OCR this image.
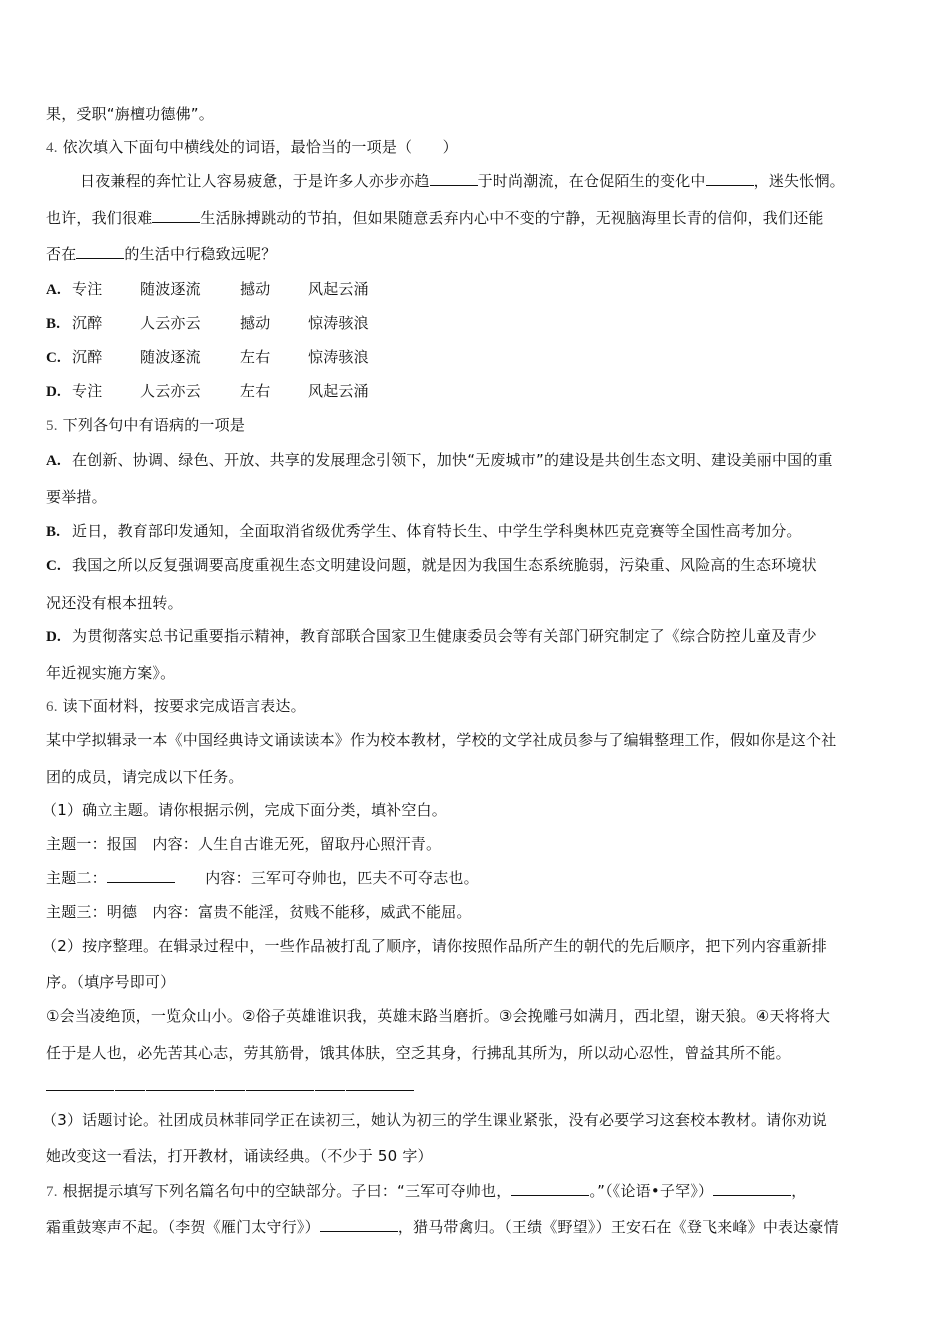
果，受职“旃檀功德佛”。
4. 依次填入下面句中横线处的词语，最恰当的一项是（　　）
日夜兼程的奔忙让人容易疲惫，于是许多人亦步亦趋	于时尚潮流，在仓促陌生的变化中	，迷失怅惘。
也许，我们很难	生活脉搏跳动的节拍，但如果随意丢弃内心中不变的宁静，无视脑海里长青的信仰，我们还能
否在	的生活中行稳致远呢？
A. 专注	随波逐流	撼动	风起云涌
B. 沉醉	人云亦云	撼动	惊涛骇浪
C. 沉醉	随波逐流	左右	惊涛骇浪
D. 专注	人云亦云	左右	风起云涌
5. 下列各句中有语病的一项是
A. 在创新、协调、绿色、开放、共享的发展理念引领下，加快“无废城市”的建设是共创生态文明、建设美丽中国的重
要举措。
B. 近日，教育部印发通知，全面取消省级优秀学生、体育特长生、中学生学科奥林匹克竞赛等全国性高考加分。
C. 我国之所以反复强调要高度重视生态文明建设问题，就是因为我国生态系统脆弱，污染重、风险高的生态环境状
况还没有根本扭转。
D. 为贯彻落实总书记重要指示精神，教育部联合国家卫生健康委员会等有关部门研究制定了《综合防控儿童及青少
年近视实施方案》。
6. 读下面材料，按要求完成语言表达。
某中学拟辑录一本《中国经典诗文诵读读本》作为校本教材，学校的文学社成员参与了编辑整理工作，假如你是这个社
团的成员，请完成以下任务。
（1）确立主题。请你根据示例，完成下面分类，填补空白。
主题一：报国　 内容：人生自古谁无死，留取丹心照汗青。
主题二：　　	内容：三军可夺帅也，匹夫不可夺志也。
主题三：明德　 内容：富贵不能淫，贫贱不能移，威武不能屈。
（2）按序整理。在辑录过程中，一些作品被打乱了顺序，请你按照作品所产生的朝代的先后顺序，把下列内容重新排
序。（填序号即可）
①会当凌绝顶，一览众山小。②俗子英雄谁识我，英雄末路当磨折。③会挽雕弓如满月，西北望，谢天狼。④天将将大
任于是人也，必先苦其心志，劳其筋骨，饿其体肤，空乏其身，行拂乱其所为，所以动心忍性，曾益其所不能。
（3）话题讨论。社团成员林菲同学正在读初三，她认为初三的学生课业紧张，没有必要学习这套校本教材。请你劝说
她改变这一看法，打开教材，诵读经典。（不少于 50 字）
7. 根据提示填写下列名篇名句中的空缺部分。子曰：“三军可夺帅也，	。”（《论语•子罕》）	，
霜重鼓寒声不起。（李贺《雁门太守行》）	，猎马带禽归。（王绩《野望》）王安石在《登飞来峰》中表达豪情
